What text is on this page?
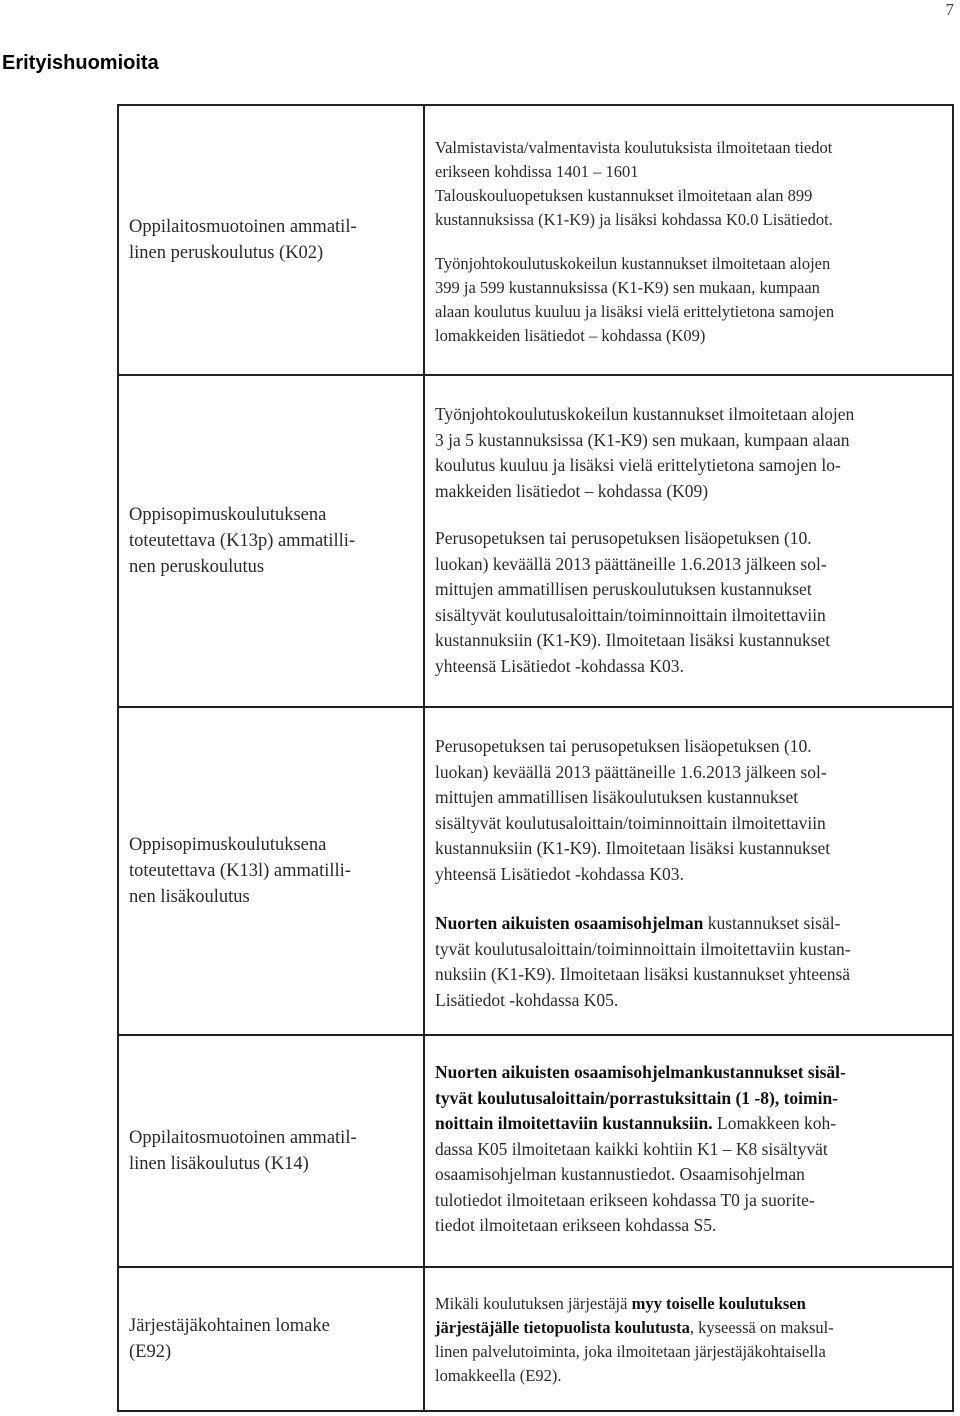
7
Erityishuomioita
Oppilaitosmuotoinen ammatil-
linen peruskoulutus (K02)

Valmistavista/valmentavista koulutuksista ilmoitetaan tiedot
erikseen kohdissa 1401 – 1601
Talouskouluopetuksen kustannukset ilmoitetaan alan 899
kustannuksissa (K1-K9) ja lisäksi kohdassa K0.0 Lisätiedot.

Työnjohtokoulutuskokeilun kustannukset ilmoitetaan alojen
399 ja 599 kustannuksissa (K1-K9) sen mukaan, kumpaan
alaan koulutus kuuluu ja lisäksi vielä erittelytietona samojen
lomakkeiden lisätiedot – kohdassa (K09)

Oppisopimuskoulutuksena
toteutettava (K13p) ammatilli-
nen peruskoulutus

Työnjohtokoulutuskokeilun kustannukset ilmoitetaan alojen
3 ja 5 kustannuksissa (K1-K9) sen mukaan, kumpaan alaan
koulutus kuuluu ja lisäksi vielä erittelytietona samojen lo-
makkeiden lisätiedot – kohdassa (K09)

Perusopetuksen tai perusopetuksen lisäopetuksen (10.
luokan) keväällä 2013 päättäneille 1.6.2013 jälkeen sol-
mittujen ammatillisen peruskoulutuksen kustannukset
sisältyvät koulutusaloittain/toiminnoittain ilmoitettaviin
kustannuksiin (K1-K9). Ilmoitetaan lisäksi kustannukset
yhteensä Lisätiedot -kohdassa K03.

Oppisopimuskoulutuksena
toteutettava (K13l) ammatilli-
nen lisäkoulutus

Perusopetuksen tai perusopetuksen lisäopetuksen (10.
luokan) keväällä 2013 päättäneille 1.6.2013 jälkeen sol-
mittujen ammatillisen lisäkoulutuksen kustannukset
sisältyvät koulutusaloittain/toiminnoittain ilmoitettaviin
kustannuksiin (K1-K9). Ilmoitetaan lisäksi kustannukset
yhteensä Lisätiedot -kohdassa K03.

Nuorten aikuisten osaamisohjelman kustannukset sisäl-
tyvät koulutusaloittain/toiminnoittain ilmoitettaviin kustan-
nuksiin (K1-K9). Ilmoitetaan lisäksi kustannukset yhteensä
Lisätiedot -kohdassa K05.

Oppilaitosmuotoinen ammatil-
linen lisäkoulutus (K14)

Nuorten aikuisten osaamisohjelmankustannukset sisäl-
tyvät koulutusaloittain/porrastuksittain (1 -8), toimin-
noittain ilmoitettaviin kustannuksiin. Lomakkeen koh-
dassa K05 ilmoitetaan kaikki kohtiin K1 – K8 sisältyvät
osaamisohjelman kustannustiedot. Osaamisohjelman
tulotiedot ilmoitetaan erikseen kohdassa T0 ja suorite-
tiedot ilmoitetaan erikseen kohdassa S5.

Järjestäjäkohtainen lomake
(E92)

Mikäli koulutuksen järjestäjä myy toiselle koulutuksen
järjestäjälle tietopuolista koulutusta, kyseessä on maksul-
linen palvelutoiminta, joka ilmoitetaan järjestäjäkohtaisella
lomakkeella (E92).
